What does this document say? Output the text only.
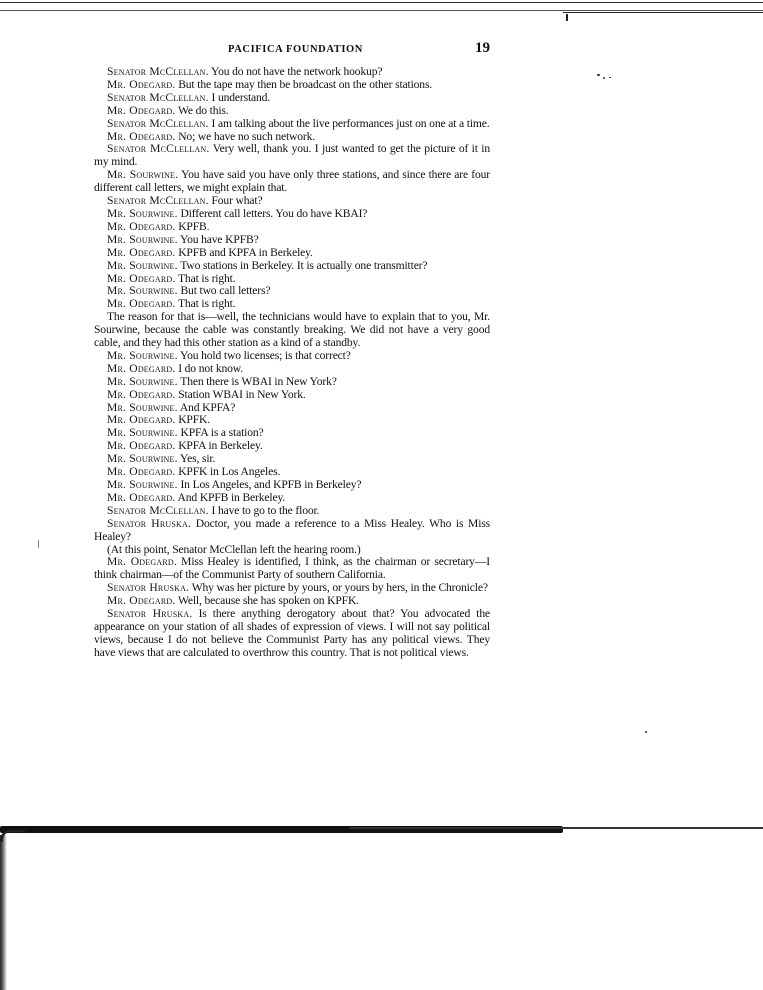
PACIFICA FOUNDATION	19

Senator McClellan. You do not have the network hookup?

Mr. Odegard. But the tape may then be broadcast on the other stations.

Senator McClellan. I understand.

Mr. Odegard. We do this.

Senator McClellan. I am talking about the live performances just on one at a time.

Mr. Odegard. No; we have no such network.

Senator McClellan. Very well, thank you. I just wanted to get the picture of it in my mind.

Mr. Sourwine. You have said you have only three stations, and since there are four different call letters, we might explain that.

Senator McClellan. Four what?

Mr. Sourwine. Different call letters. You do have KBAI?

Mr. Odegard. KPFB.

Mr. Sourwine. You have KPFB?

Mr. Odegard. KPFB and KPFA in Berkeley.

Mr. Sourwine. Two stations in Berkeley. It is actually one transmitter?

Mr. Odegard. That is right.

Mr. Sourwine. But two call letters?

Mr. Odegard. That is right.

The reason for that is—well, the technicians would have to explain that to you, Mr. Sourwine, because the cable was constantly breaking. We did not have a very good cable, and they had this other station as a kind of a standby.

Mr. Sourwine. You hold two licenses; is that correct?

Mr. Odegard. I do not know.

Mr. Sourwine. Then there is WBAI in New York?

Mr. Odegard. Station WBAI in New York.

Mr. Sourwine. And KPFA?

Mr. Odegard. KPFK.

Mr. Sourwine. KPFA is a station?

Mr. Odegard. KPFA in Berkeley.

Mr. Sourwine. Yes, sir.

Mr. Odegard. KPFK in Los Angeles.

Mr. Sourwine. In Los Angeles, and KPFB in Berkeley?

Mr. Odegard. And KPFB in Berkeley.

Senator McClellan. I have to go to the floor.

Senator Hruska. Doctor, you made a reference to a Miss Healey. Who is Miss Healey?

(At this point, Senator McClellan left the hearing room.)

Mr. Odegard. Miss Healey is identified, I think, as the chairman or secretary—I think chairman—of the Communist Party of southern California.

Senator Hruska. Why was her picture by yours, or yours by hers, in the Chronicle?

Mr. Odegard. Well, because she has spoken on KPFK.

Senator Hruska. Is there anything derogatory about that? You advocated the appearance on your station of all shades of expression of views. I will not say political views, because I do not believe the Communist Party has any political views. They have views that are calculated to overthrow this country. That is not political views.
